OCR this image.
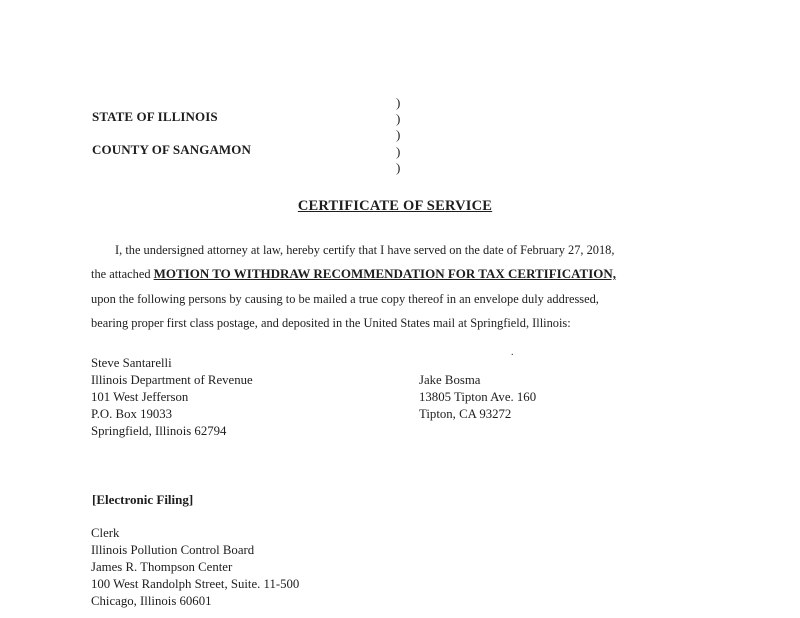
STATE OF ILLINOIS
COUNTY OF SANGAMON
)
)
)
)
)
CERTIFICATE OF SERVICE
I, the undersigned attorney at law, hereby certify that I have served on the date of February 27, 2018,
the attached MOTION TO WITHDRAW RECOMMENDATION FOR TAX CERTIFICATION,
upon the following persons by causing to be mailed a true copy thereof in an envelope duly addressed,
bearing proper first class postage, and deposited in the United States mail at Springfield, Illinois:
.
Steve Santarelli
Illinois Department of Revenue
101 West Jefferson
P.O. Box 19033
Springfield, Illinois 62794
Jake Bosma
13805 Tipton Ave. 160
Tipton, CA 93272
[Electronic Filing]
Clerk
Illinois Pollution Control Board
James R. Thompson Center
100 West Randolph Street, Suite. 11-500
Chicago, Illinois 60601
